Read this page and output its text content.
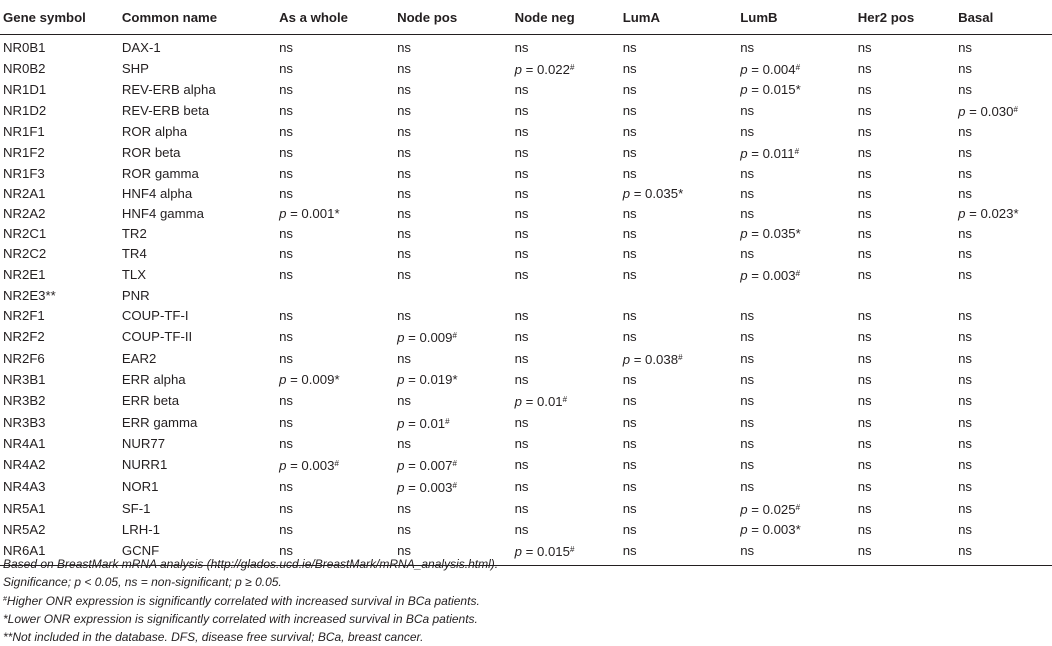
Gene symbol	Common name	As a whole	Node pos	Node neg	LumA	LumB	Her2 pos	Basal
NR0B1	DAX-1	ns	ns	ns	ns	ns	ns	ns
NR0B2	SHP	ns	ns	p = 0.022#	ns	p = 0.004#	ns	ns
NR1D1	REV-ERB alpha	ns	ns	ns	ns	p = 0.015*	ns	ns
NR1D2	REV-ERB beta	ns	ns	ns	ns	ns	ns	p = 0.030#
NR1F1	ROR alpha	ns	ns	ns	ns	ns	ns	ns
NR1F2	ROR beta	ns	ns	ns	ns	p = 0.011#	ns	ns
NR1F3	ROR gamma	ns	ns	ns	ns	ns	ns	ns
NR2A1	HNF4 alpha	ns	ns	ns	p = 0.035*	ns	ns	ns
NR2A2	HNF4 gamma	p = 0.001*	ns	ns	ns	ns	ns	p = 0.023*
NR2C1	TR2	ns	ns	ns	ns	p = 0.035*	ns	ns
NR2C2	TR4	ns	ns	ns	ns	ns	ns	ns
NR2E1	TLX	ns	ns	ns	ns	p = 0.003#	ns	ns
NR2E3**	PNR							
NR2F1	COUP-TF-I	ns	ns	ns	ns	ns	ns	ns
NR2F2	COUP-TF-II	ns	p = 0.009#	ns	ns	ns	ns	ns
NR2F6	EAR2	ns	ns	ns	p = 0.038#	ns	ns	ns
NR3B1	ERR alpha	p = 0.009*	p = 0.019*	ns	ns	ns	ns	ns
NR3B2	ERR beta	ns	ns	p = 0.01#	ns	ns	ns	ns
NR3B3	ERR gamma	ns	p = 0.01#	ns	ns	ns	ns	ns
NR4A1	NUR77	ns	ns	ns	ns	ns	ns	ns
NR4A2	NURR1	p = 0.003#	p = 0.007#	ns	ns	ns	ns	ns
NR4A3	NOR1	ns	p = 0.003#	ns	ns	ns	ns	ns
NR5A1	SF-1	ns	ns	ns	ns	p = 0.025#	ns	ns
NR5A2	LRH-1	ns	ns	ns	ns	p = 0.003*	ns	ns
NR6A1	GCNF	ns	ns	p = 0.015#	ns	ns	ns	ns
Based on BreastMark mRNA analysis (http://glados.ucd.ie/BreastMark/mRNA_analysis.html).
Significance; p < 0.05, ns = non-significant; p ≥ 0.05.
#Higher ONR expression is significantly correlated with increased survival in BCa patients.
*Lower ONR expression is significantly correlated with increased survival in BCa patients.
**Not included in the database. DFS, disease free survival; BCa, breast cancer.
